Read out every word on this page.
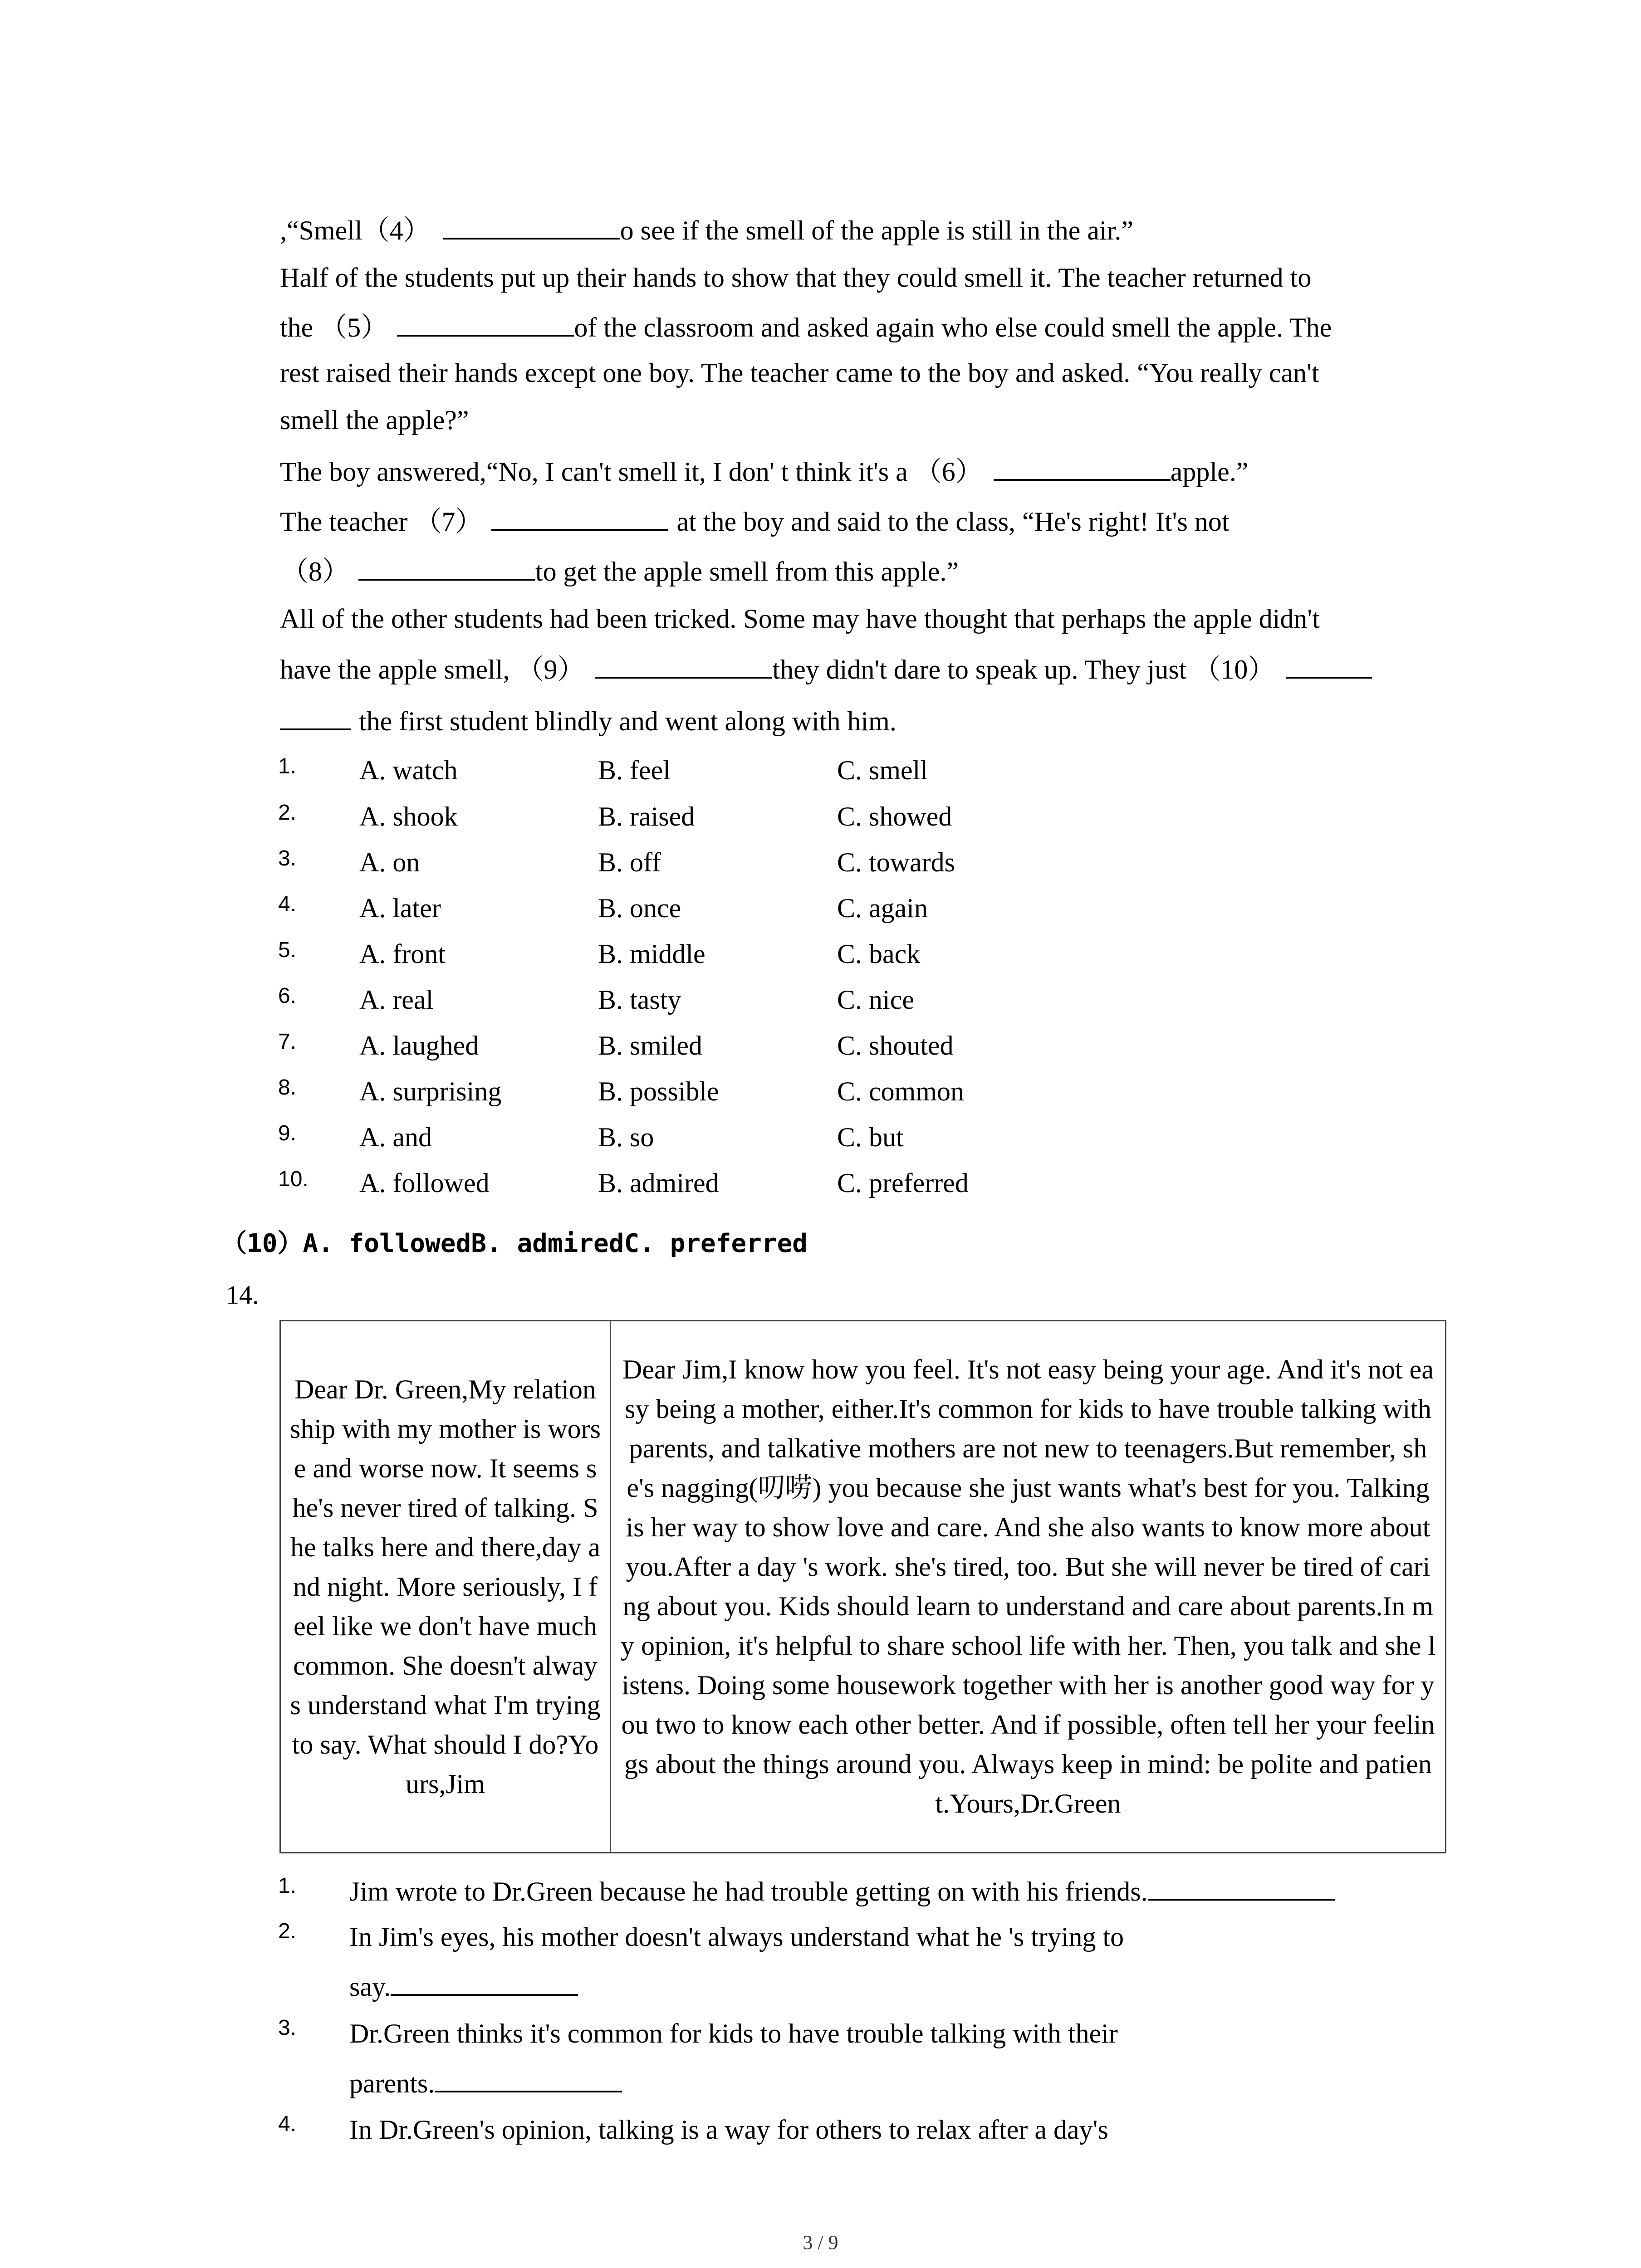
,“Smell（4）	o see if the smell of the apple is still in the air.”
Half of the students put up their hands to show that they could smell it. The teacher returned to
the （5）	of the classroom and asked again who else could smell the apple. The
rest raised their hands except one boy. The teacher came to the boy and asked. “You really can't
smell the apple?”
The boy answered,“No, I can't smell it, I don' t think it's a （6）	apple.”
The teacher （7）	at the boy and said to the class, “He's right! It's not
（8）	to get the apple smell from this apple.”
All of the other students had been tricked. Some may have thought that perhaps the apple didn't
have the apple smell, （9）	they didn't dare to speak up. They just （10）
the first student blindly and went along with him.
1. A. watch	B. feel	C. smell
2. A. shook	B. raised	C. showed
3. A. on	B. off	C. towards
4. A. later	B. once	C. again
5. A. front	B. middle	C. back
6. A. real	B. tasty	C. nice
7. A. laughed	B. smiled	C. shouted
8. A. surprising	B. possible	C. common
9. A. and	B. so	C. but
10. A. followed	B. admired	C. preferred
（10）A. followedB. admiredC. preferred
14.
Dear Dr. Green,My relationship with my mother is worse and worse now. It seems she's never tired of talking. She talks here and there,day and night. More seriously, I feel like we don't have much common. She doesn't always understand what I'm trying to say. What should I do?Yours,Jim	Dear Jim,I know how you feel. It's not easy being your age. And it's not easy being a mother, either.It's common for kids to have trouble talking with parents, and talkative mothers are not new to teenagers.But remember, she's nagging(叨唠) you because she just wants what's best for you. Talking is her way to show love and care. And she also wants to know more about you.After a day 's work. she's tired, too. But she will never be tired of caring about you. Kids should learn to understand and care about parents.In my opinion, it's helpful to share school life with her. Then, you talk and she listens. Doing some housework together with her is another good way for you two to know each other better. And if possible, often tell her your feelings about the things around you. Always keep in mind: be polite and patient.Yours,Dr.Green
1. Jim wrote to Dr.Green because he had trouble getting on with his friends.
2. In Jim's eyes, his mother doesn't always understand what he 's trying to
say.
3. Dr.Green thinks it's common for kids to have trouble talking with their
parents.
4. In Dr.Green's opinion, talking is a way for others to relax after a day's
3 / 9
